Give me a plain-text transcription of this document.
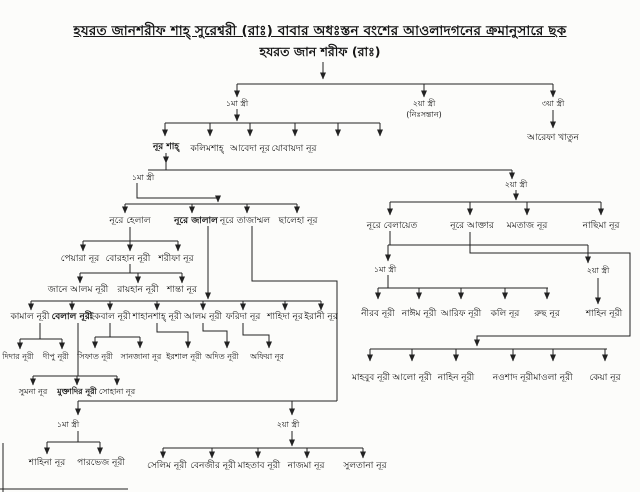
হযরত জানশরীফ শাহ্ সুরেশ্বরী (রাঃ) বাবার অধঃস্তন বংশের আওলাদগনের ক্রমানুসারে ছক
হযরত জান শরীফ (রাঃ)
১মা স্ত্রী	২য়া স্ত্রী
(নিঃসন্তান)
৩য়া স্ত্রী
নূর শাহ্ কলিমশাহ্ আবেদা নূর যোবায়দা নূর
আরেফা খাতুন
১মা স্ত্রী
২য়া স্ত্রী
নূরে হেলাল	নূরে জালাল নূরে তাজাম্মল ছালেহা নূর	নূরে বেলায়েত	নূরে আক্তার মমতাজ নূর	নাছিমা নূর
পেয়ারা নূর বোরহান নূরী শরীফা নূর
জানে আলম নূরী রায়হান নূরী শান্তা নূর
১মা স্ত্রী	২য়া স্ত্রী
কামাল নূরী বেলাল নূরী
ইকবাল নূরী শাহানশাহ্ নূরী আলম নূরী ফরিদা নূর শাহিদা নূর ইরানী নূর	নীরব নূরী নাঈম নূরী আরিফ নূরী কলি নূর রুছ নূর	শাহিন নূরী
দিদার নূরী দীপু নূরী সিফাত নূরী সানজানা নূর ইরশাল নূরী অদিত নূরী অফিয়া নূর
মাহবুব নূরী আলো নূরী নাহিন নূরী নওশাদ নূরী মাওলা নূরী কেয়া নূর
সুমনা নূর মুক্তাদির নূরী সোহানা নূর
১মা স্ত্রী	২য়া স্ত্রী
শাহিনা নূর পারভেজ নূরী সেলিম নূরী বেনজীর নূরী মাহতাব নূরী নাজমা নূর সুলতানা নূর
